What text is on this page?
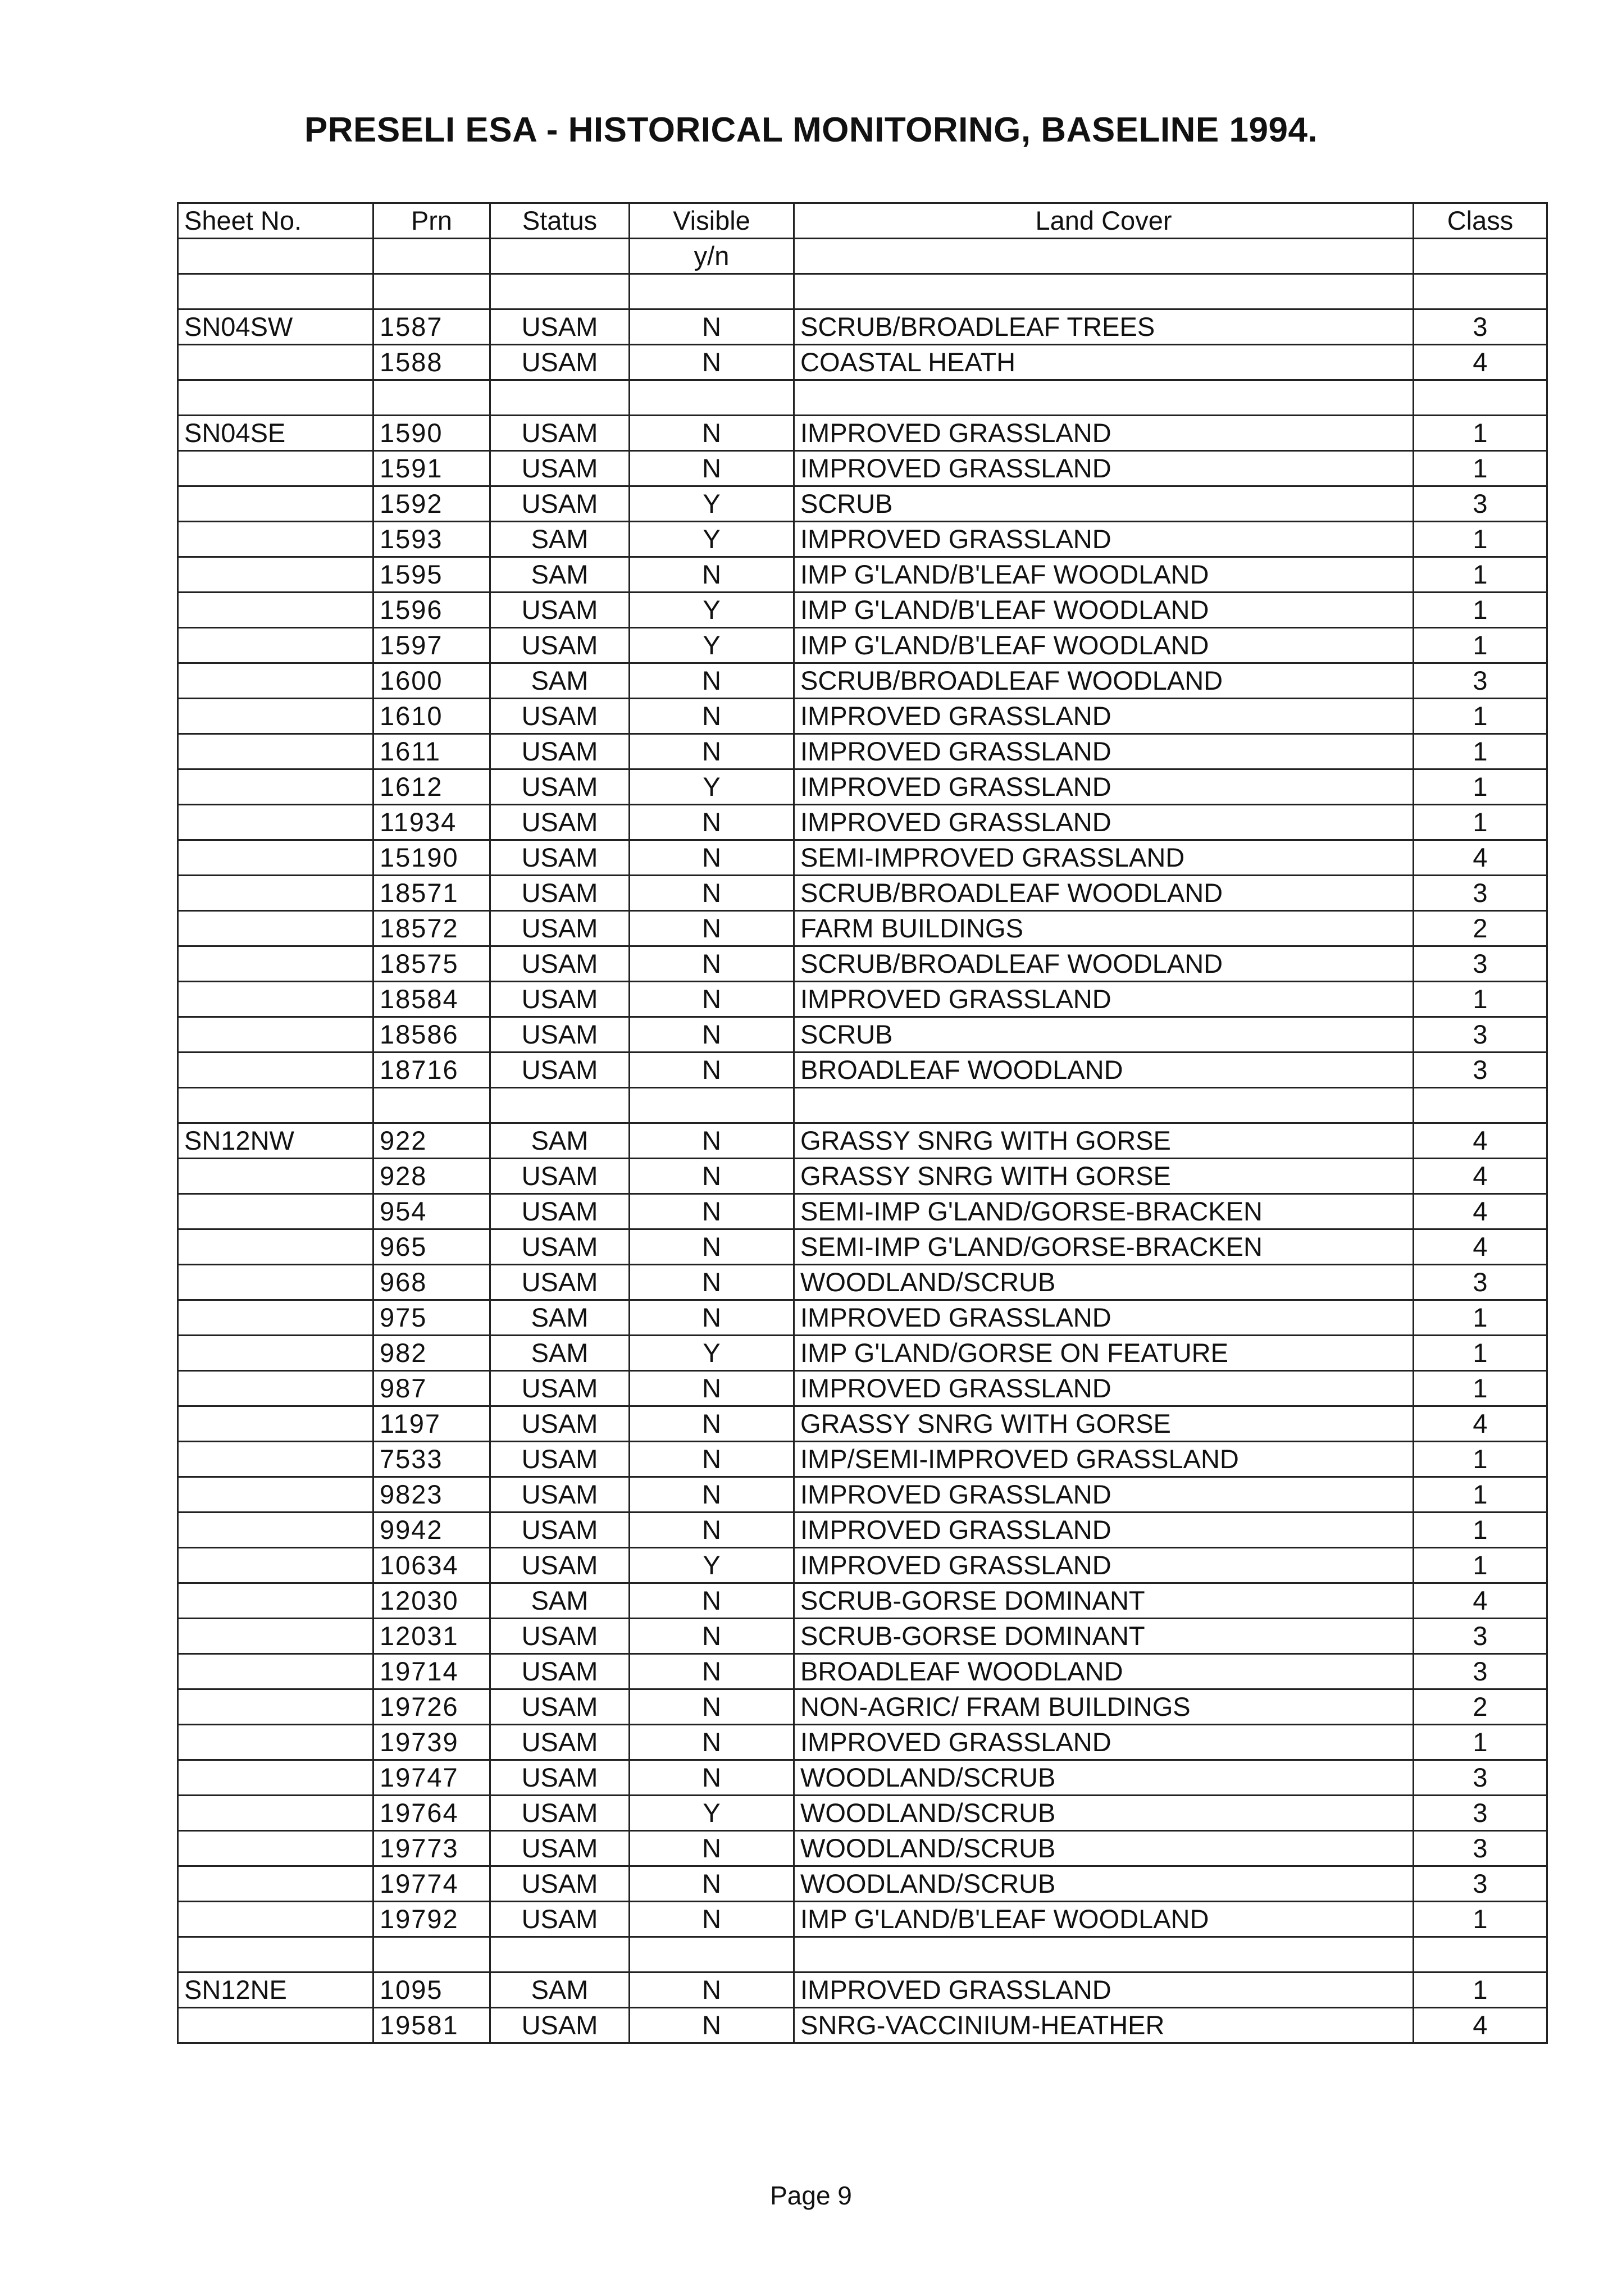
PRESELI ESA - HISTORICAL MONITORING, BASELINE 1994.
Sheet No.	Prn	Status	Visible	Land Cover	Class
			y/n		

SN04SW	1587	USAM	N	SCRUB/BROADLEAF TREES	3
	1588	USAM	N	COASTAL HEATH	4

SN04SE	1590	USAM	N	IMPROVED GRASSLAND	1
	1591	USAM	N	IMPROVED GRASSLAND	1
	1592	USAM	Y	SCRUB	3
	1593	SAM	Y	IMPROVED GRASSLAND	1
	1595	SAM	N	IMP G'LAND/B'LEAF WOODLAND	1
	1596	USAM	Y	IMP G'LAND/B'LEAF WOODLAND	1
	1597	USAM	Y	IMP G'LAND/B'LEAF WOODLAND	1
	1600	SAM	N	SCRUB/BROADLEAF WOODLAND	3
	1610	USAM	N	IMPROVED GRASSLAND	1
	1611	USAM	N	IMPROVED GRASSLAND	1
	1612	USAM	Y	IMPROVED GRASSLAND	1
	11934	USAM	N	IMPROVED GRASSLAND	1
	15190	USAM	N	SEMI-IMPROVED GRASSLAND	4
	18571	USAM	N	SCRUB/BROADLEAF WOODLAND	3
	18572	USAM	N	FARM BUILDINGS	2
	18575	USAM	N	SCRUB/BROADLEAF WOODLAND	3
	18584	USAM	N	IMPROVED GRASSLAND	1
	18586	USAM	N	SCRUB	3
	18716	USAM	N	BROADLEAF WOODLAND	3

SN12NW	922	SAM	N	GRASSY SNRG WITH GORSE	4
	928	USAM	N	GRASSY SNRG WITH GORSE	4
	954	USAM	N	SEMI-IMP G'LAND/GORSE-BRACKEN	4
	965	USAM	N	SEMI-IMP G'LAND/GORSE-BRACKEN	4
	968	USAM	N	WOODLAND/SCRUB	3
	975	SAM	N	IMPROVED GRASSLAND	1
	982	SAM	Y	IMP G'LAND/GORSE ON FEATURE	1
	987	USAM	N	IMPROVED GRASSLAND	1
	1197	USAM	N	GRASSY SNRG WITH GORSE	4
	7533	USAM	N	IMP/SEMI-IMPROVED GRASSLAND	1
	9823	USAM	N	IMPROVED GRASSLAND	1
	9942	USAM	N	IMPROVED GRASSLAND	1
	10634	USAM	Y	IMPROVED GRASSLAND	1
	12030	SAM	N	SCRUB-GORSE DOMINANT	4
	12031	USAM	N	SCRUB-GORSE DOMINANT	3
	19714	USAM	N	BROADLEAF WOODLAND	3
	19726	USAM	N	NON-AGRIC/ FRAM BUILDINGS	2
	19739	USAM	N	IMPROVED GRASSLAND	1
	19747	USAM	N	WOODLAND/SCRUB	3
	19764	USAM	Y	WOODLAND/SCRUB	3
	19773	USAM	N	WOODLAND/SCRUB	3
	19774	USAM	N	WOODLAND/SCRUB	3
	19792	USAM	N	IMP G'LAND/B'LEAF WOODLAND	1

SN12NE	1095	SAM	N	IMPROVED GRASSLAND	1
	19581	USAM	N	SNRG-VACCINIUM-HEATHER	4
Page 9
